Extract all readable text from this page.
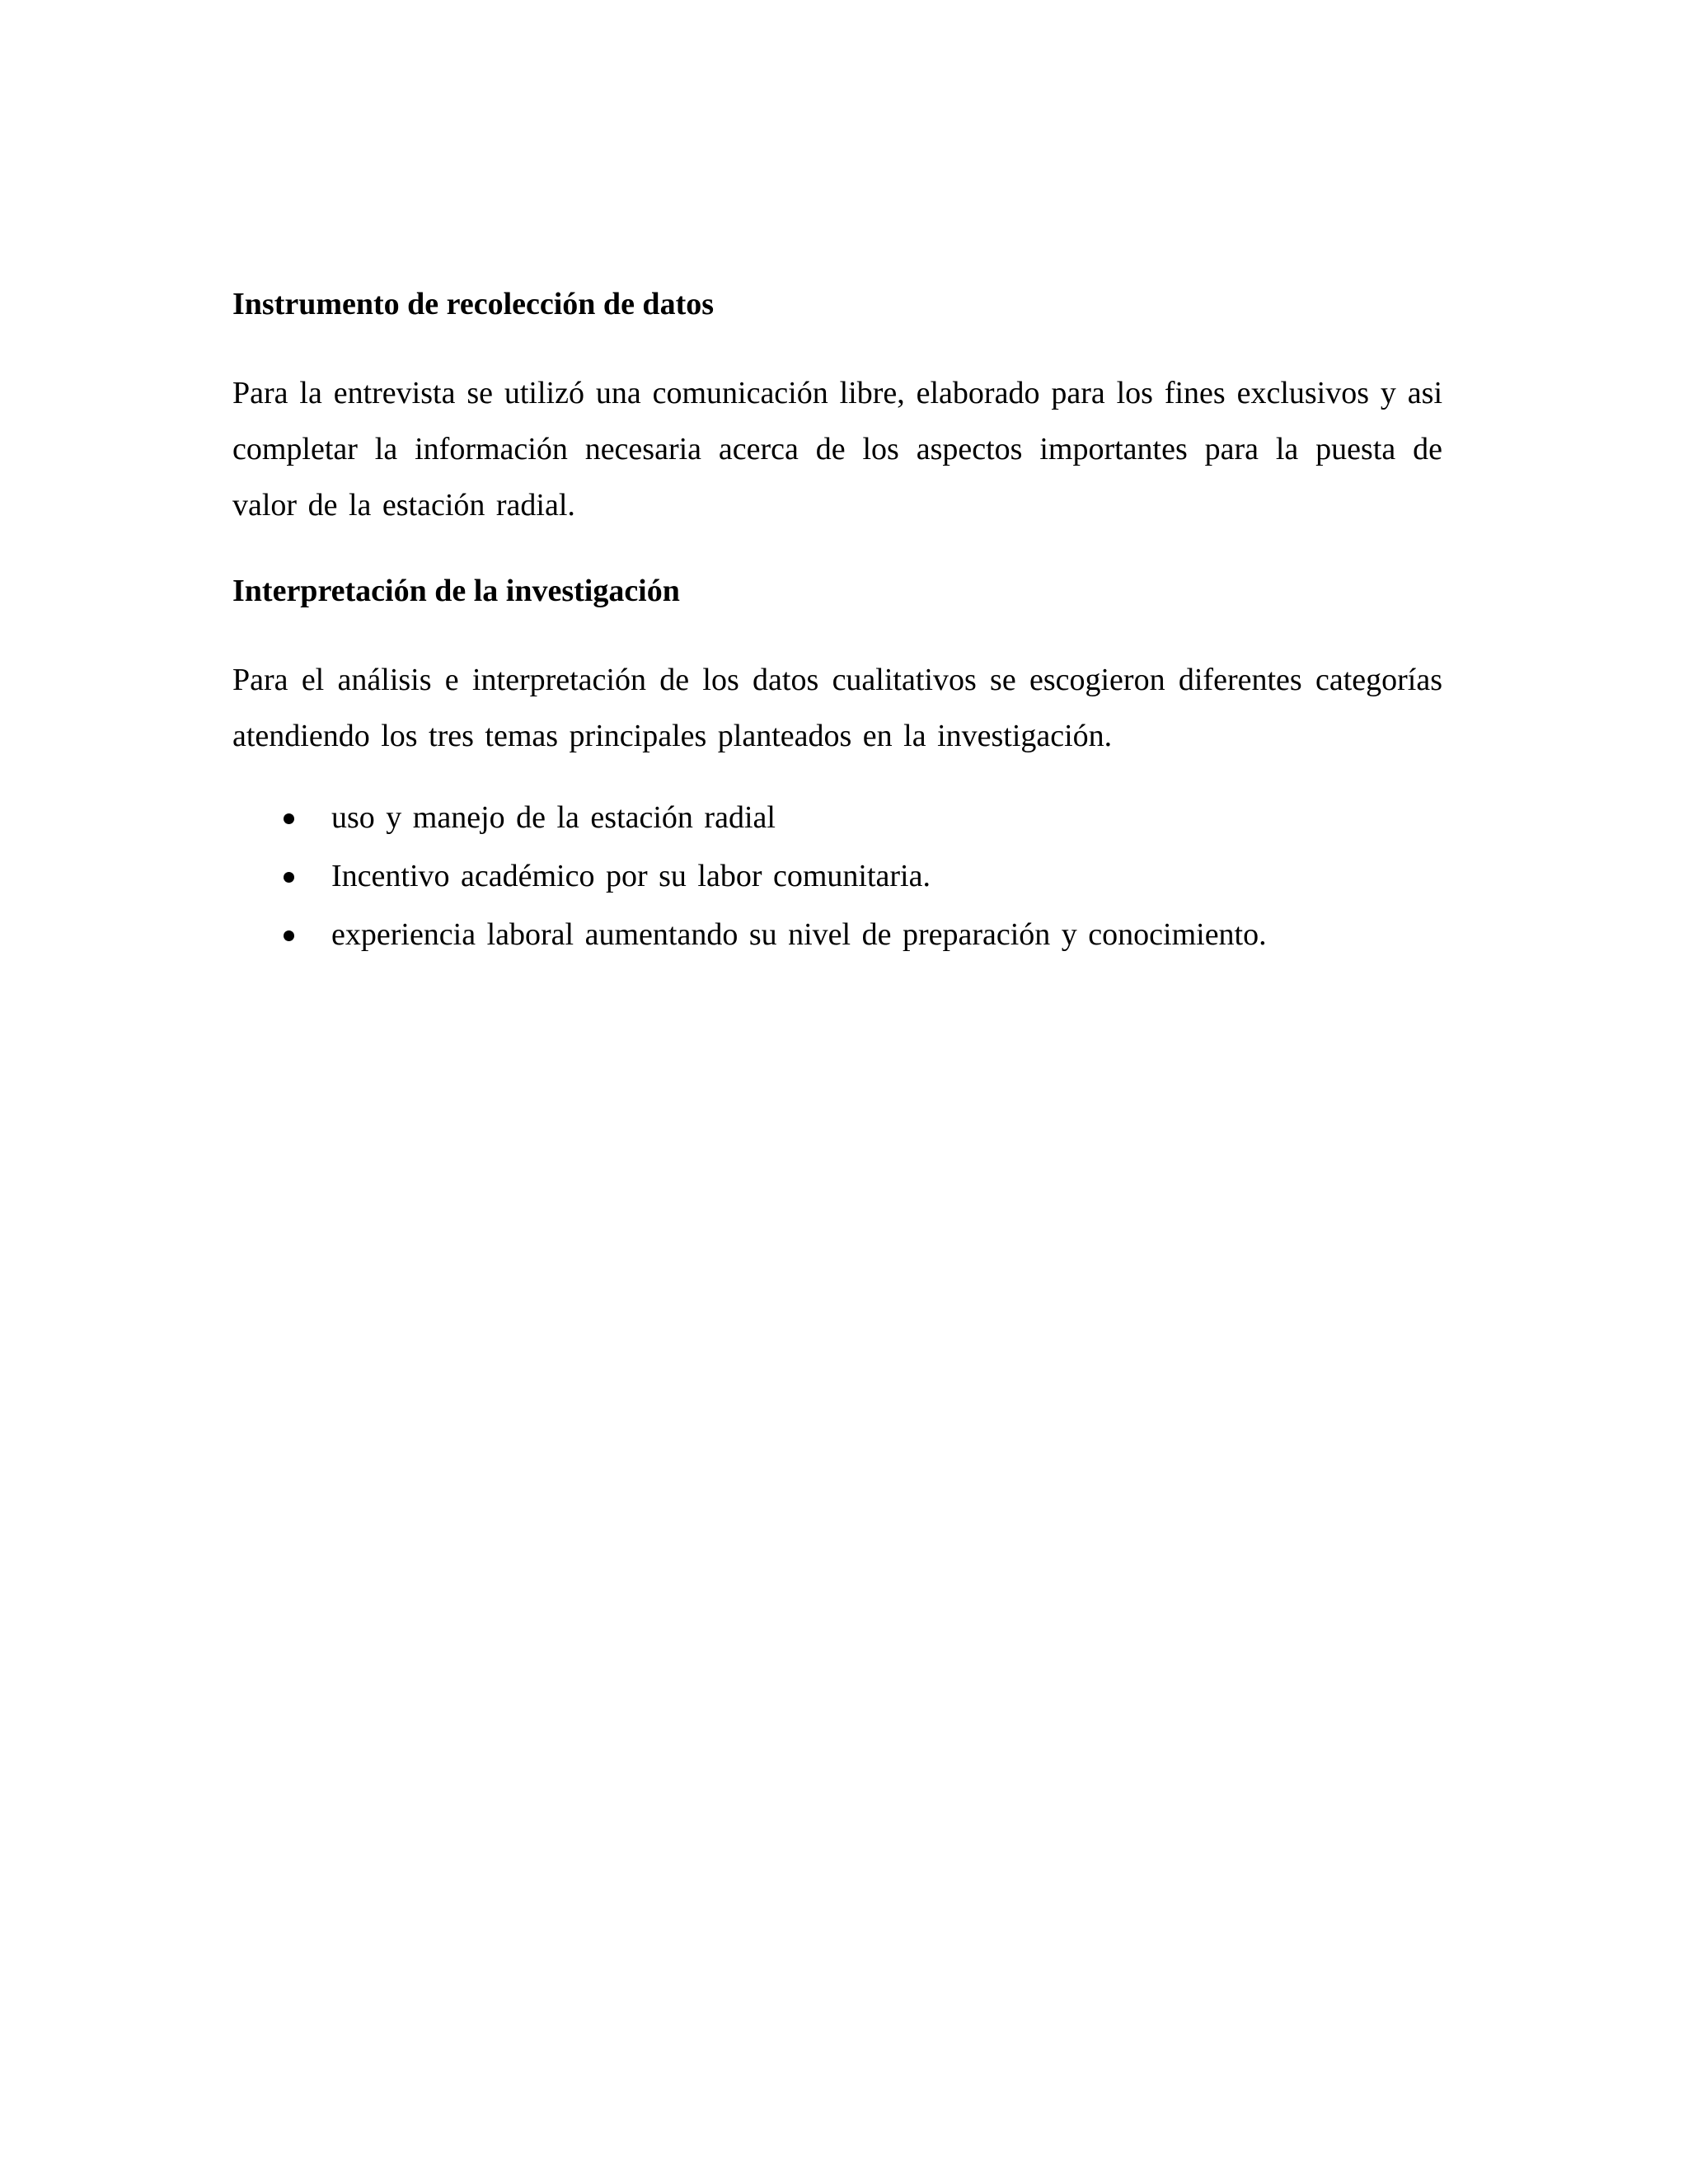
Instrumento de recolección de datos

Para la entrevista se utilizó una comunicación libre, elaborado para los fines exclusivos y asi completar la información necesaria acerca de los aspectos importantes para la puesta de valor de la estación radial.

Interpretación de la investigación

Para el análisis e interpretación de los datos cualitativos se escogieron diferentes categorías atendiendo los tres temas principales planteados en la investigación.

uso y manejo de la estación radial
Incentivo académico por su labor comunitaria.
experiencia laboral aumentando su nivel de preparación y conocimiento.
